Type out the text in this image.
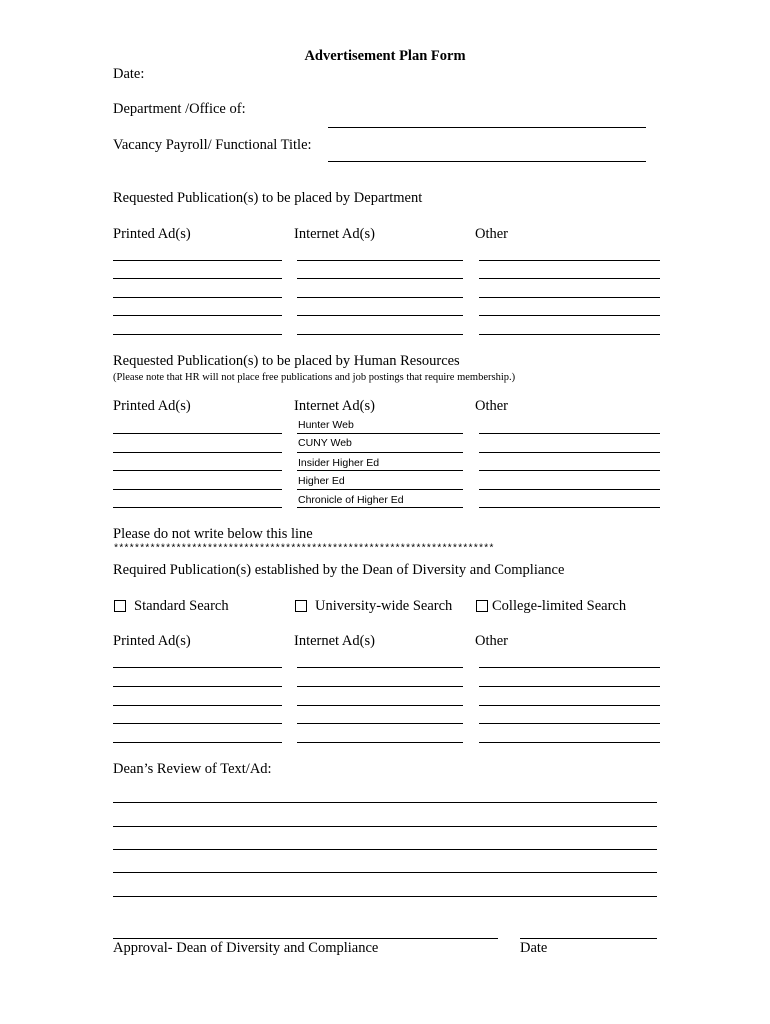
Advertisement Plan Form
Date:
Department /Office of:
Vacancy Payroll/ Functional Title:
Requested Publication(s) to be placed by Department
Printed Ad(s)	Internet Ad(s)	Other
Requested Publication(s) to be placed by Human Resources
(Please note that HR will not place free publications and job postings that require membership.)
Printed Ad(s)	Internet Ad(s)	Other
Hunter Web
CUNY Web
Insider Higher Ed
Higher Ed
Chronicle of Higher Ed
Please do not write below this line
*************************************************************************
Required Publication(s) established by the Dean of Diversity and Compliance
Standard Search	University-wide Search	College-limited Search
Printed Ad(s)	Internet Ad(s)	Other
Dean’s Review of Text/Ad:
Approval- Dean of Diversity and Compliance	Date
